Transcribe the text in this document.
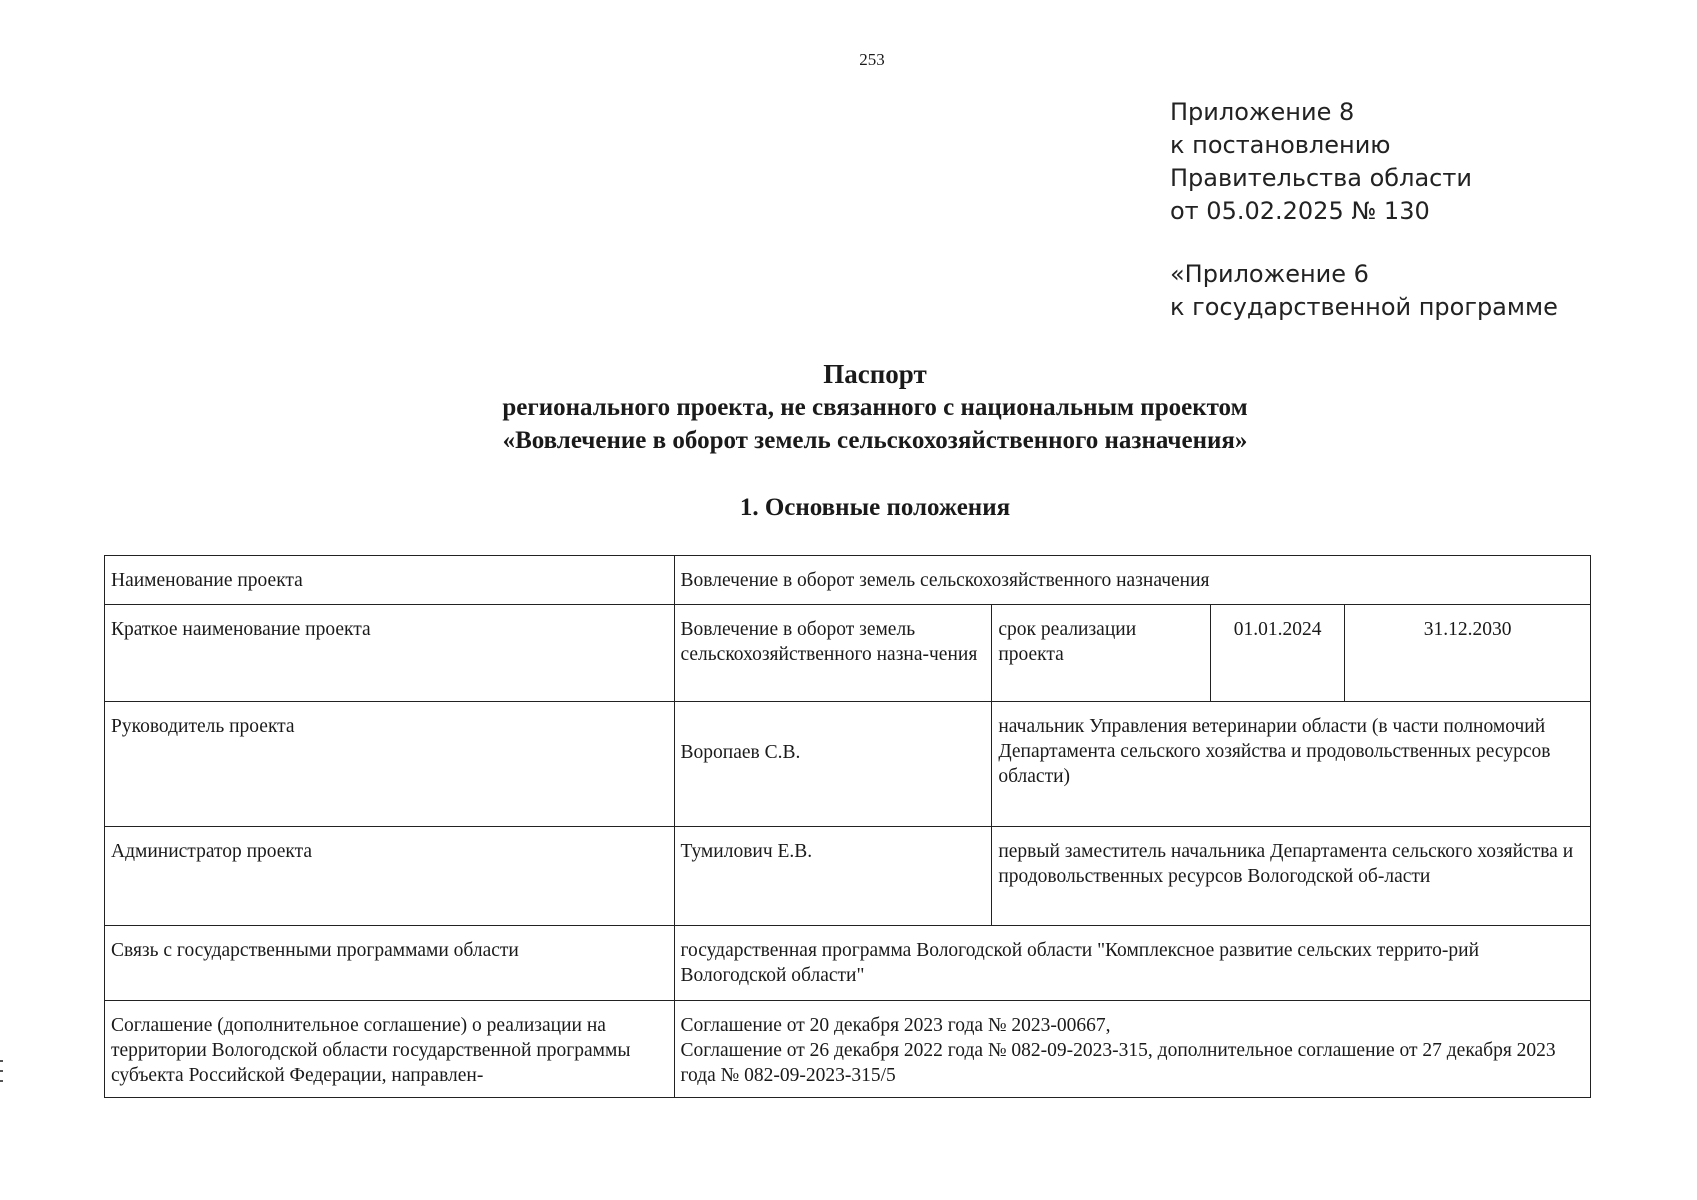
253
Приложение 8
к постановлению
Правительства области
от 05.02.2025 № 130
«Приложение 6
к государственной программе
Паспорт
регионального проекта, не связанного с национальным проектом
«Вовлечение в оборот земель сельскохозяйственного назначения»
1. Основные положения
Наименование проекта	Вовлечение в оборот земель сельскохозяйственного назначения			
Краткое наименование проекта	Вовлечение в оборот земель сельскохозяйственного назна-чения	срок реализации проекта	01.01.2024	31.12.2030
Руководитель проекта	Воропаев С.В.	начальник Управления ветеринарии области (в части полномочий Департамента сельского хозяйства и продовольственных ресурсов области)		
Администратор проекта	Тумилович Е.В.	первый заместитель начальника Департамента сельского хозяйства и продовольственных ресурсов Вологодской об-ласти		
Связь с государственными программами области	государственная программа Вологодской области "Комплексное развитие сельских террито-рий Вологодской области"			
Соглашение (дополнительное соглашение) о реализации на территории Вологодской области государственной программы субъекта Российской Федерации, направлен-	Соглашение от 20 декабря 2023 года № 2023-00667,
Соглашение от 26 декабря 2022 года № 082-09-2023-315, дополнительное соглашение от 27 декабря 2023 года № 082-09-2023-315/5			
